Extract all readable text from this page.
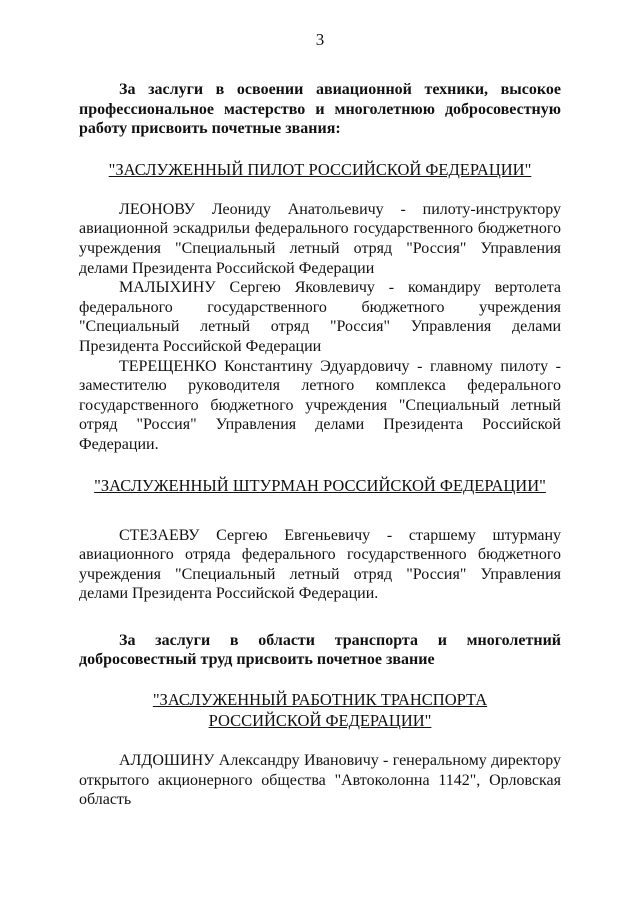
3

За заслуги в освоении авиационной техники, высокое профессиональное мастерство и многолетнюю добросовестную работу присвоить почетные звания:

"ЗАСЛУЖЕННЫЙ ПИЛОТ РОССИЙСКОЙ ФЕДЕРАЦИИ"

ЛЕОНОВУ Леониду Анатольевичу - пилоту-инструктору авиационной эскадрильи федерального государственного бюджетного учреждения "Специальный летный отряд "Россия" Управления делами Президента Российской Федерации

МАЛЫХИНУ Сергею Яковлевичу - командиру вертолета федерального государственного бюджетного учреждения "Специальный летный отряд "Россия" Управления делами Президента Российской Федерации

ТЕРЕЩЕНКО Константину Эдуардовичу - главному пилоту - заместителю руководителя летного комплекса федерального государственного бюджетного учреждения "Специальный летный отряд "Россия" Управления делами Президента Российской Федерации.

"ЗАСЛУЖЕННЫЙ ШТУРМАН РОССИЙСКОЙ ФЕДЕРАЦИИ"

СТЕЗАЕВУ Сергею Евгеньевичу - старшему штурману авиационного отряда федерального государственного бюджетного учреждения "Специальный летный отряд "Россия" Управления делами Президента Российской Федерации.

За заслуги в области транспорта и многолетний добросовестный труд присвоить почетное звание

"ЗАСЛУЖЕННЫЙ РАБОТНИК ТРАНСПОРТА
РОССИЙСКОЙ ФЕДЕРАЦИИ"

АЛДОШИНУ Александру Ивановичу - генеральному директору открытого акционерного общества "Автоколонна 1142", Орловская область
